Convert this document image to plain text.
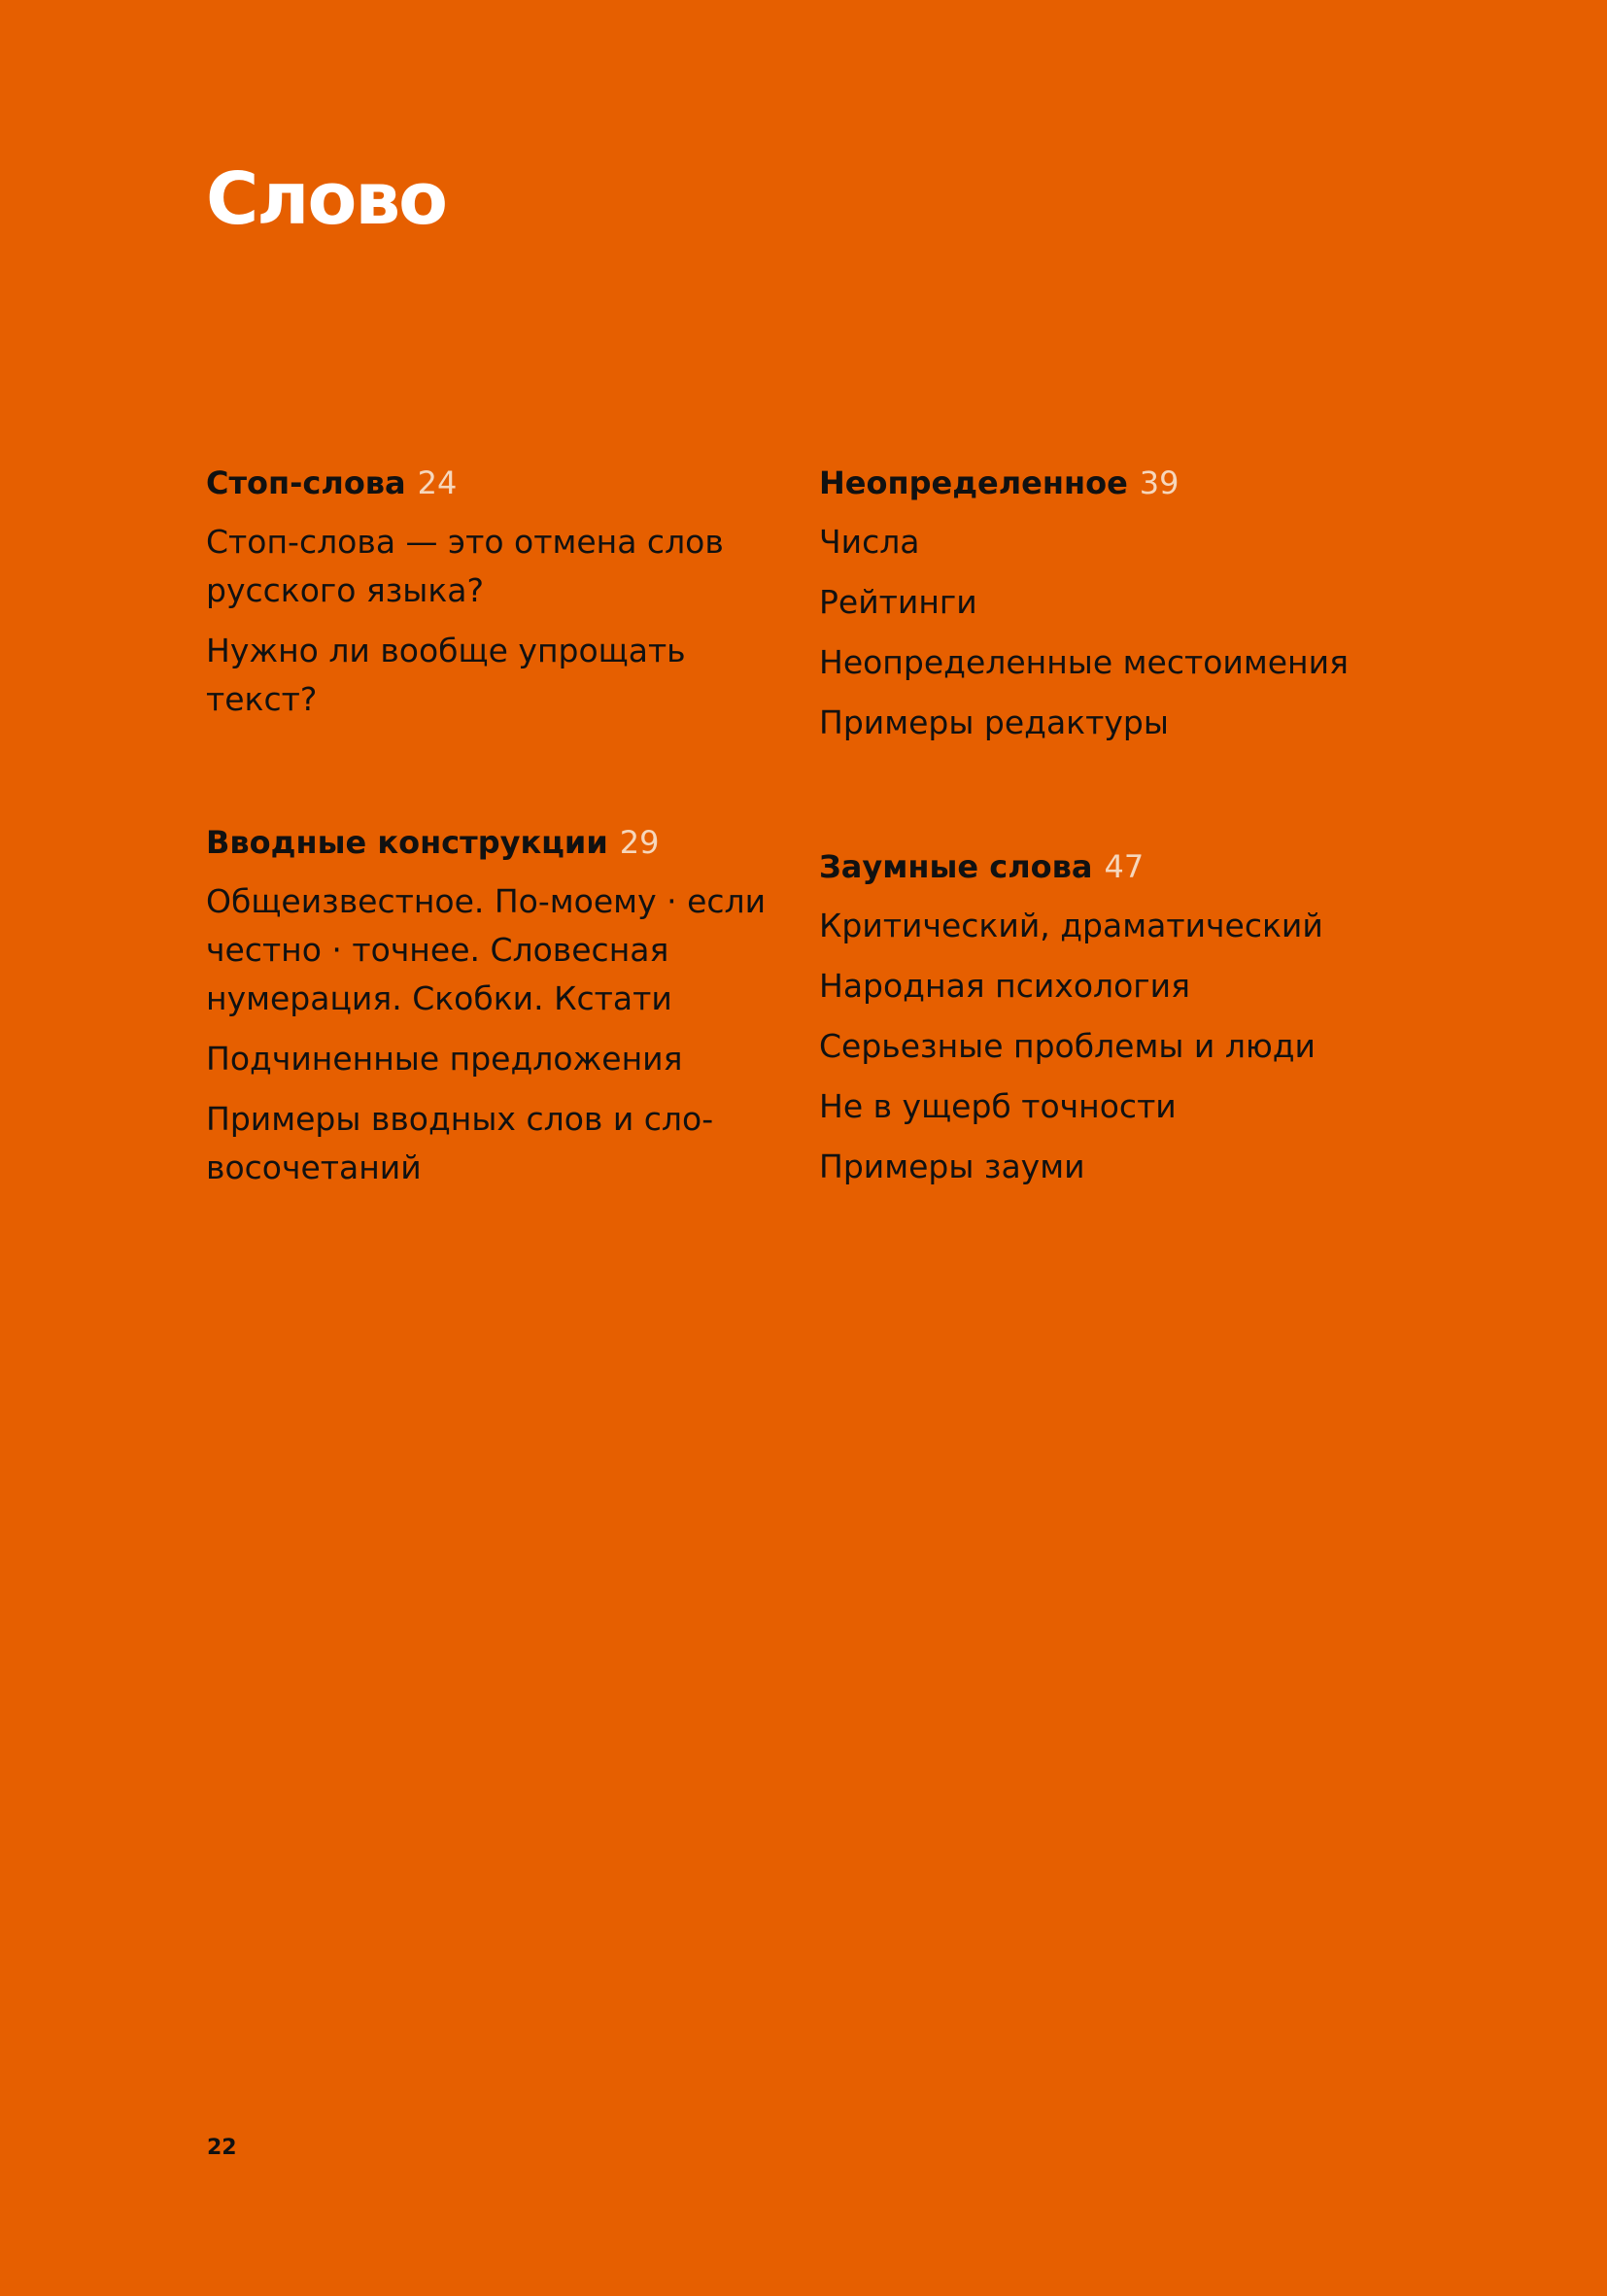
Слово
Стоп-слова 24
Стоп-слова — это отмена слов русского языка?
Нужно ли вообще упрощать текст?
Вводные конструкции 29
Общеизвестное. По-моему · если честно · точнее. Словесная нумерация. Скобки. Кстати
Подчиненные предложения
Примеры вводных слов и словосочетаний
Неопределенное 39
Числа
Рейтинги
Неопределенные местоимения
Примеры редактуры
Заумные слова 47
Критический, драматический
Народная психология
Серьезные проблемы и люди
Не в ущерб точности
Примеры зауми
22
